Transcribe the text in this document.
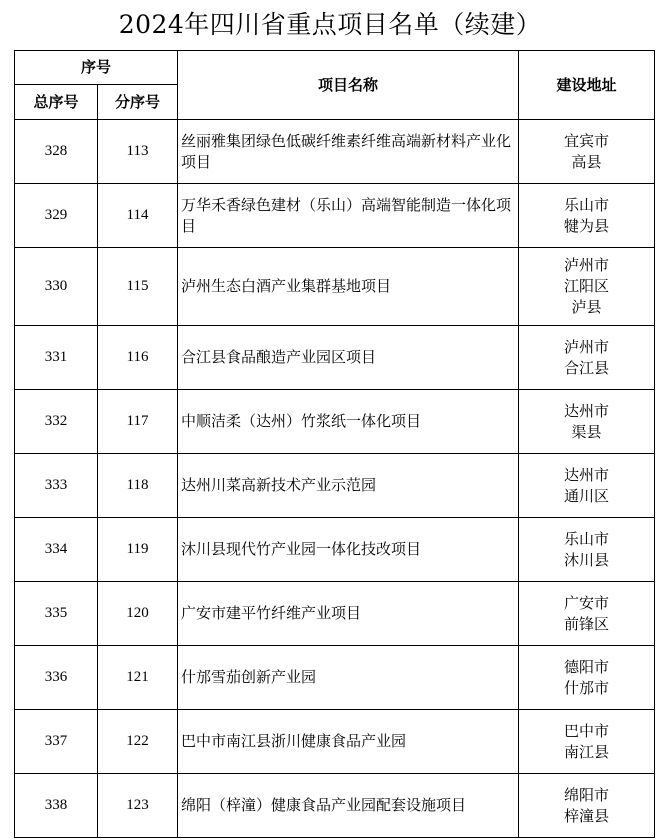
2024年四川省重点项目名单（续建）
序号		项目名称	建设地址
总序号	分序号		
328	113	丝丽雅集团绿色低碳纤维素纤维高端新材料产业化项目	宜宾市
高县

329	114	万华禾香绿色建材（乐山）高端智能制造一体化项目	乐山市
犍为县

330	115	泸州生态白酒产业集群基地项目	泸州市
江阳区
泸县

331	116	合江县食品酿造产业园区项目	泸州市
合江县

332	117	中顺洁柔（达州）竹浆纸一体化项目	达州市
渠县

333	118	达州川菜高新技术产业示范园	达州市
通川区

334	119	沐川县现代竹产业园一体化技改项目	乐山市
沐川县

335	120	广安市建平竹纤维产业项目	广安市
前锋区

336	121	什邡雪茄创新产业园	德阳市
什邡市

337	122	巴中市南江县浙川健康食品产业园	巴中市
南江县

338	123	绵阳（梓潼）健康食品产业园配套设施项目	绵阳市
梓潼县
